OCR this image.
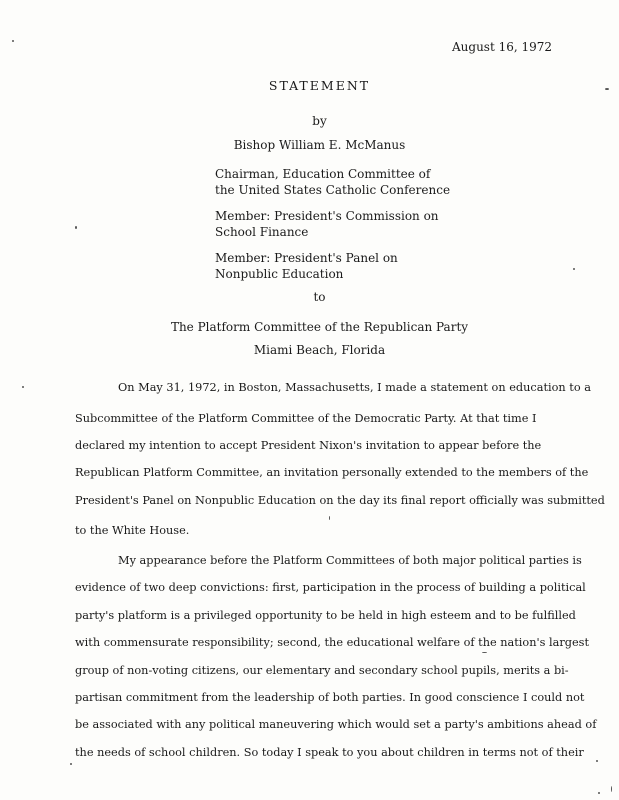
August 16, 1972
STATEMENT
by
Bishop William E. McManus
Chairman, Education Committee of
the United States Catholic Conference
Member: President's Commission on
School Finance
Member: President's Panel on
Nonpublic Education
to
The Platform Committee of the Republican Party
Miami Beach, Florida
On May 31, 1972, in Boston, Massachusetts, I made a statement on education to a
Subcommittee of the Platform Committee of the Democratic Party. At that time I
declared my intention to accept President Nixon's invitation to appear before the
Republican Platform Committee, an invitation personally extended to the members of the
President's Panel on Nonpublic Education on the day its final report officially was submitted
to the White House.
My appearance before the Platform Committees of both major political parties is
evidence of two deep convictions: first, participation in the process of building a political
party's platform is a privileged opportunity to be held in high esteem and to be fulfilled
with commensurate responsibility; second, the educational welfare of the nation's largest
group of non-voting citizens, our elementary and secondary school pupils, merits a bi-
partisan commitment from the leadership of both parties. In good conscience I could not
be associated with any political maneuvering which would set a party's ambitions ahead of
the needs of school children. So today I speak to you about children in terms not of their
